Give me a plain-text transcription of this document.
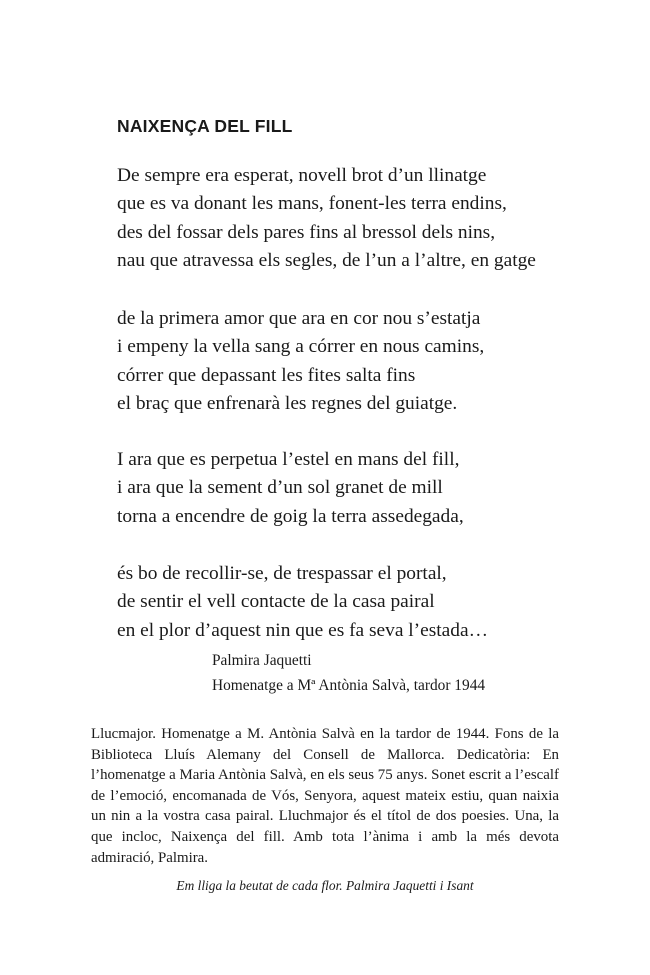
NAIXENÇA DEL FILL
De sempre era esperat, novell brot d’un llinatge
que es va donant les mans, fonent-les terra endins,
des del fossar dels pares fins al bressol dels nins,
nau que atravessa els segles, de l’un a l’altre, en gatge
de la primera amor que ara en cor nou s’estatja
i empeny la vella sang a córrer en nous camins,
córrer que depassant les fites salta fins
el braç que enfrenarà les regnes del guiatge.
I ara que es perpetua l’estel en mans del fill,
i ara que la sement d’un sol granet de mill
torna a encendre de goig la terra assedegada,
és bo de recollir-se, de trespassar el portal,
de sentir el vell contacte de la casa pairal
en el plor d’aquest nin que es fa seva l’estada…
Palmira Jaquetti
Homenatge a Mª Antònia Salvà, tardor 1944

Llucmajor. Homenatge a M. Antònia Salvà en la tardor de 1944. Fons de la Biblioteca Lluís Alemany del Consell de Mallorca. Dedicatòria: En l’homenatge a Maria Antònia Salvà, en els seus 75 anys. Sonet escrit a l’escalf de l’emoció, encomanada de Vós, Senyora, aquest mateix estiu, quan naixia un nin a la vostra casa pairal. Lluchmajor és el títol de dos poesies. Una, la que incloc, Naixença del fill. Amb tota l’ànima i amb la més devota admiració, Palmira.

Em lliga la beutat de cada flor. Palmira Jaquetti i Isant
